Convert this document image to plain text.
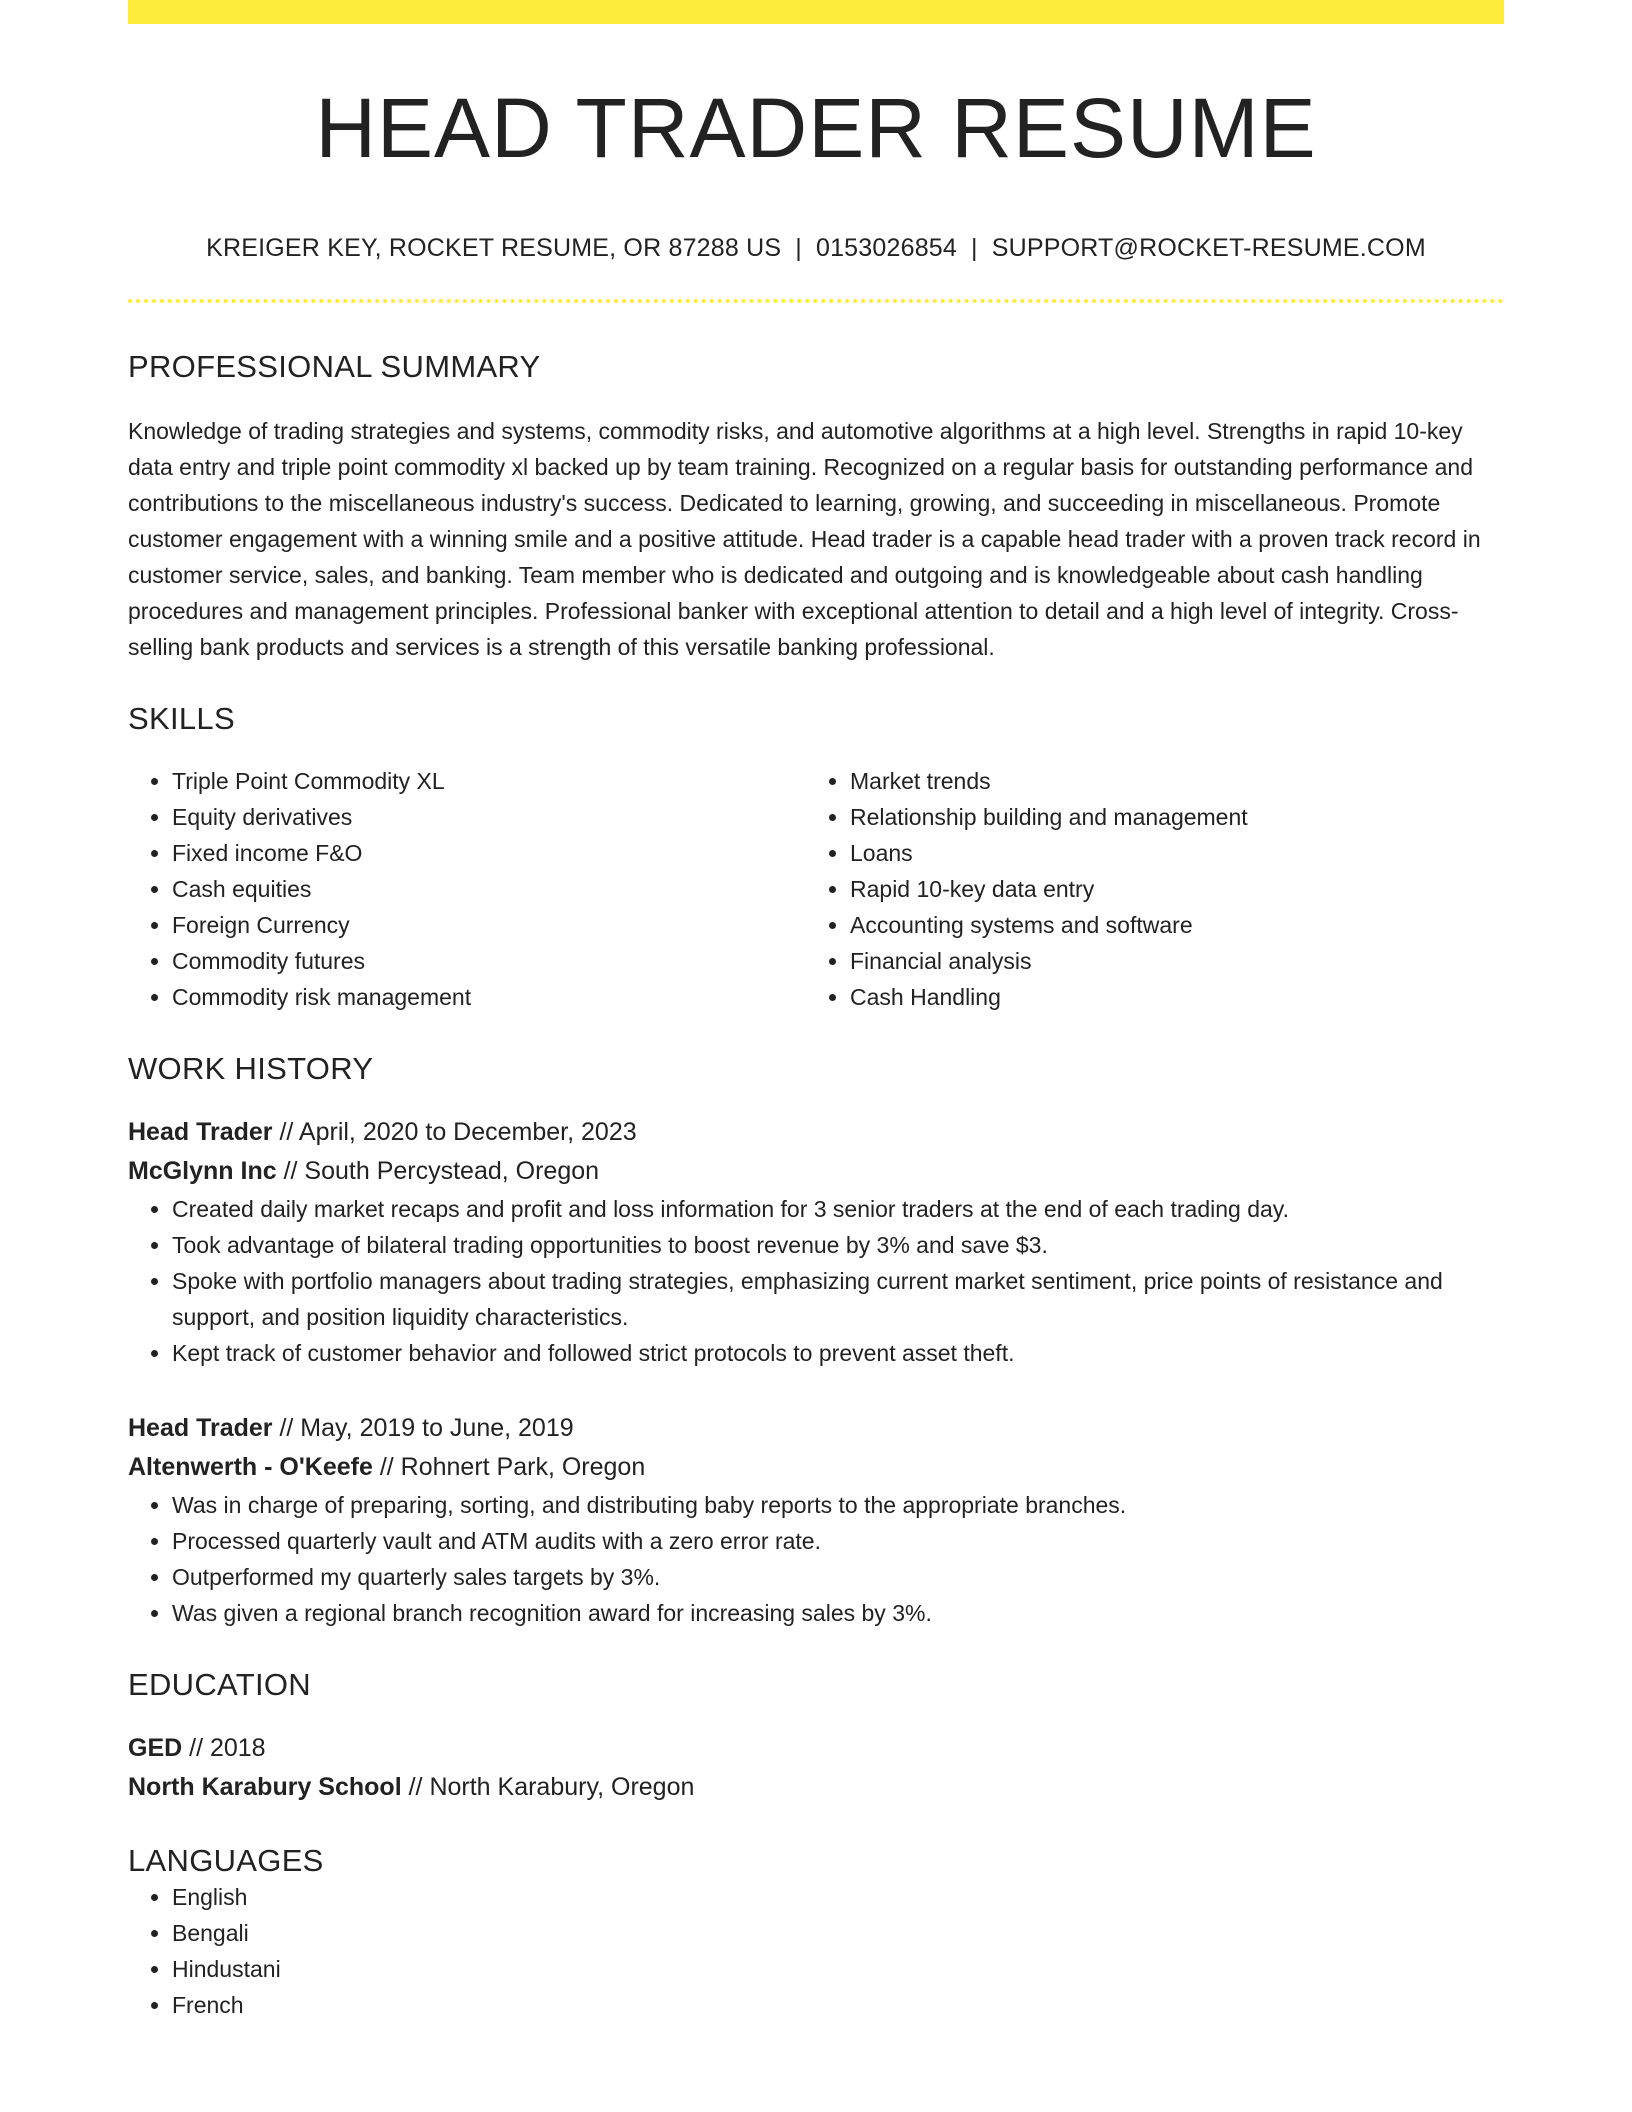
HEAD TRADER RESUME
KREIGER KEY, ROCKET RESUME, OR 87288 US | 0153026854 | SUPPORT@ROCKET-RESUME.COM
PROFESSIONAL SUMMARY

Knowledge of trading strategies and systems, commodity risks, and automotive algorithms at a high level. Strengths in rapid 10-key data entry and triple point commodity xl backed up by team training. Recognized on a regular basis for outstanding performance and contributions to the miscellaneous industry's success. Dedicated to learning, growing, and succeeding in miscellaneous. Promote customer engagement with a winning smile and a positive attitude. Head trader is a capable head trader with a proven track record in customer service, sales, and banking. Team member who is dedicated and outgoing and is knowledgeable about cash handling procedures and management principles. Professional banker with exceptional attention to detail and a high level of integrity. Cross-selling bank products and services is a strength of this versatile banking professional.

SKILLS
• Triple Point Commodity XL
• Equity derivatives
• Fixed income F&O
• Cash equities
• Foreign Currency
• Commodity futures
• Commodity risk management
• Market trends
• Relationship building and management
• Loans
• Rapid 10-key data entry
• Accounting systems and software
• Financial analysis
• Cash Handling
WORK HISTORY
Head Trader // April, 2020 to December, 2023
McGlynn Inc // South Percystead, Oregon
• Created daily market recaps and profit and loss information for 3 senior traders at the end of each trading day.
• Took advantage of bilateral trading opportunities to boost revenue by 3% and save $3.
• Spoke with portfolio managers about trading strategies, emphasizing current market sentiment, price points of resistance and support, and position liquidity characteristics.
• Kept track of customer behavior and followed strict protocols to prevent asset theft.
Head Trader // May, 2019 to June, 2019
Altenwerth - O'Keefe // Rohnert Park, Oregon
• Was in charge of preparing, sorting, and distributing baby reports to the appropriate branches.
• Processed quarterly vault and ATM audits with a zero error rate.
• Outperformed my quarterly sales targets by 3%.
• Was given a regional branch recognition award for increasing sales by 3%.
EDUCATION
GED // 2018
North Karabury School // North Karabury, Oregon
LANGUAGES
• English
• Bengali
• Hindustani
• French
